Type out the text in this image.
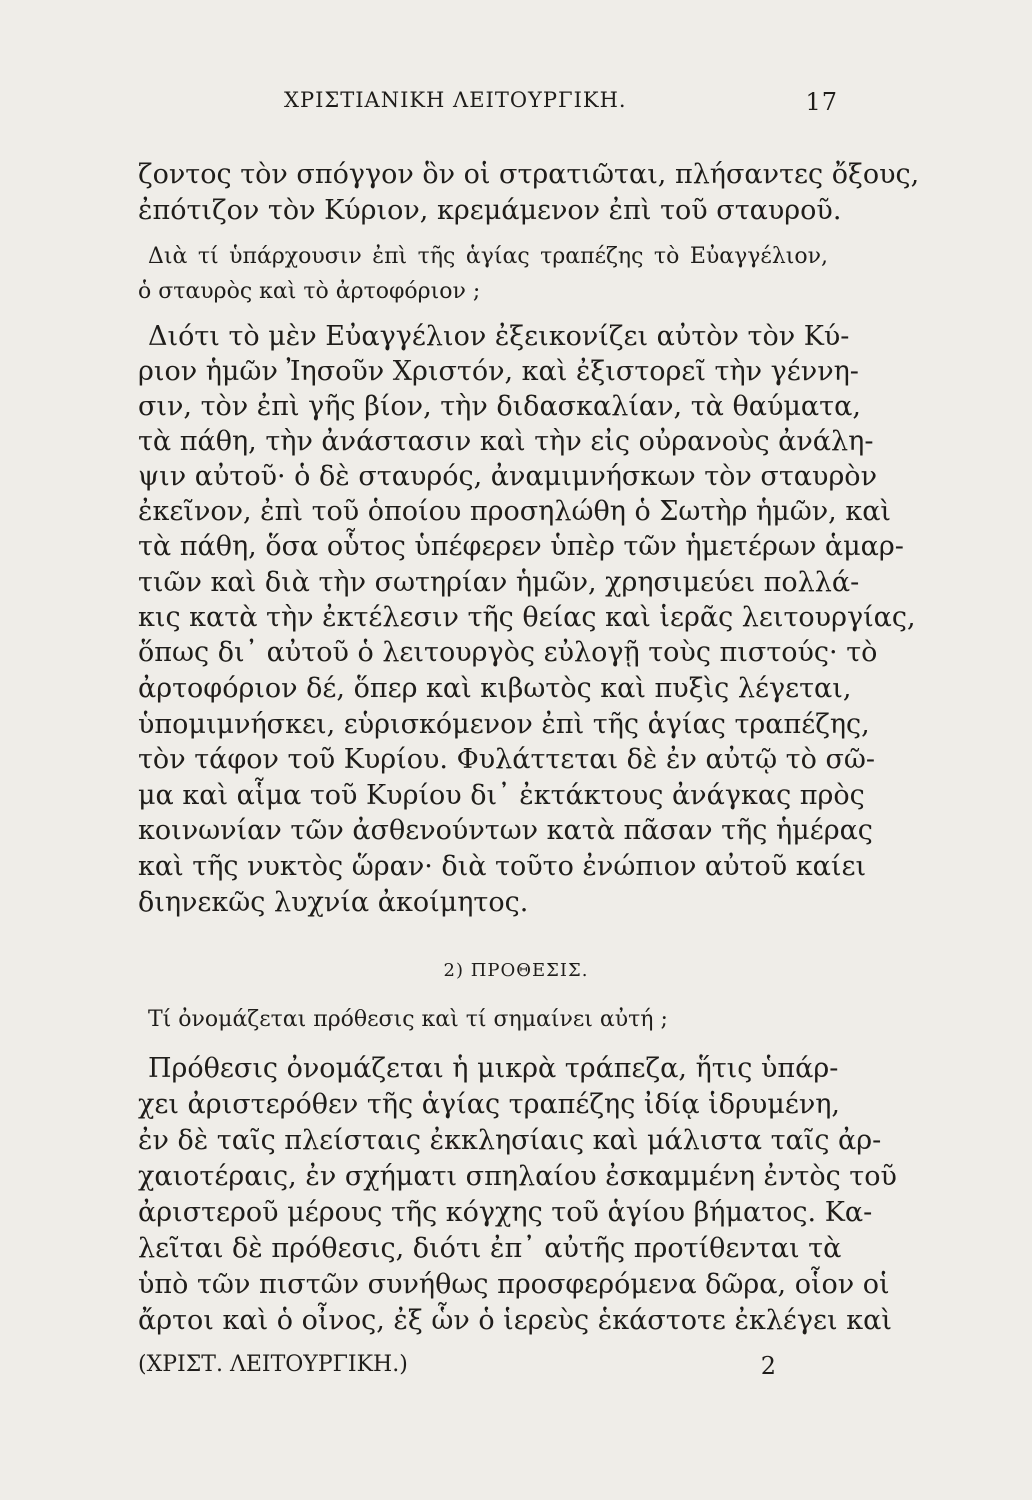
ΧΡΙΣΤΙΑΝΙΚΗ ΛΕΙΤΟΥΡΓΙΚΗ.	17
ζοντος τὸν σπόγγον ὃν οἱ στρατιῶται, πλήσαντες ὄξους,
ἐπότιζον τὸν Κύριον, κρεμάμενον ἐπὶ τοῦ σταυροῦ.
Διὰ τί ὑπάρχουσιν ἐπὶ τῆς ἁγίας τραπέζης τὸ Εὐαγγέλιον,
ὁ σταυρὸς καὶ τὸ ἀρτοφόριον ;
Διότι τὸ μὲν Εὐαγγέλιον ἐξεικονίζει αὐτὸν τὸν Κύ-
ριον ἡμῶν Ἰησοῦν Χριστόν, καὶ ἐξιστορεῖ τὴν γέννη-
σιν, τὸν ἐπὶ γῆς βίον, τὴν διδασκαλίαν, τὰ θαύματα,
τὰ πάθη, τὴν ἀνάστασιν καὶ τὴν εἰς οὐρανοὺς ἀνάλη-
ψιν αὐτοῦ· ὁ δὲ σταυρός, ἀναμιμνήσκων τὸν σταυρὸν
ἐκεῖνον, ἐπὶ τοῦ ὁποίου προσηλώθη ὁ Σωτὴρ ἡμῶν, καὶ
τὰ πάθη, ὅσα οὗτος ὑπέφερεν ὑπὲρ τῶν ἡμετέρων ἁμαρ-
τιῶν καὶ διὰ τὴν σωτηρίαν ἡμῶν, χρησιμεύει πολλά-
κις κατὰ τὴν ἐκτέλεσιν τῆς θείας καὶ ἱερᾶς λειτουργίας,
ὅπως δι᾽ αὐτοῦ ὁ λειτουργὸς εὐλογῇ τοὺς πιστούς· τὸ
ἀρτοφόριον δέ, ὅπερ καὶ κιβωτὸς καὶ πυξὶς λέγεται,
ὑπομιμνήσκει, εὑρισκόμενον ἐπὶ τῆς ἁγίας τραπέζης,
τὸν τάφον τοῦ Κυρίου. Φυλάττεται δὲ ἐν αὐτῷ τὸ σῶ-
μα καὶ αἷμα τοῦ Κυρίου δι᾽ ἐκτάκτους ἀνάγκας πρὸς
κοινωνίαν τῶν ἀσθενούντων κατὰ πᾶσαν τῆς ἡμέρας
καὶ τῆς νυκτὸς ὥραν· διὰ τοῦτο ἐνώπιον αὐτοῦ καίει
διηνεκῶς λυχνία ἀκοίμητος.
2) ΠΡΟΘΕΣΙΣ.
Τί ὀνομάζεται πρόθεσις καὶ τί σημαίνει αὐτή ;
Πρόθεσις ὀνομάζεται ἡ μικρὰ τράπεζα, ἥτις ὑπάρ-
χει ἀριστερόθεν τῆς ἁγίας τραπέζης ἰδίᾳ ἱδρυμένη,
ἐν δὲ ταῖς πλείσταις ἐκκλησίαις καὶ μάλιστα ταῖς ἀρ-
χαιοτέραις, ἐν σχήματι σπηλαίου ἐσκαμμένη ἐντὸς τοῦ
ἀριστεροῦ μέρους τῆς κόγχης τοῦ ἁγίου βήματος. Κα-
λεῖται δὲ πρόθεσις, διότι ἐπ᾽ αὐτῆς προτίθενται τὰ
ὑπὸ τῶν πιστῶν συνήθως προσφερόμενα δῶρα, οἷον οἱ
ἄρτοι καὶ ὁ οἶνος, ἐξ ὧν ὁ ἱερεὺς ἑκάστοτε ἐκλέγει καὶ
(ΧΡΙΣΤ. ΛΕΙΤΟΥΡΓΙΚΗ.)	2
